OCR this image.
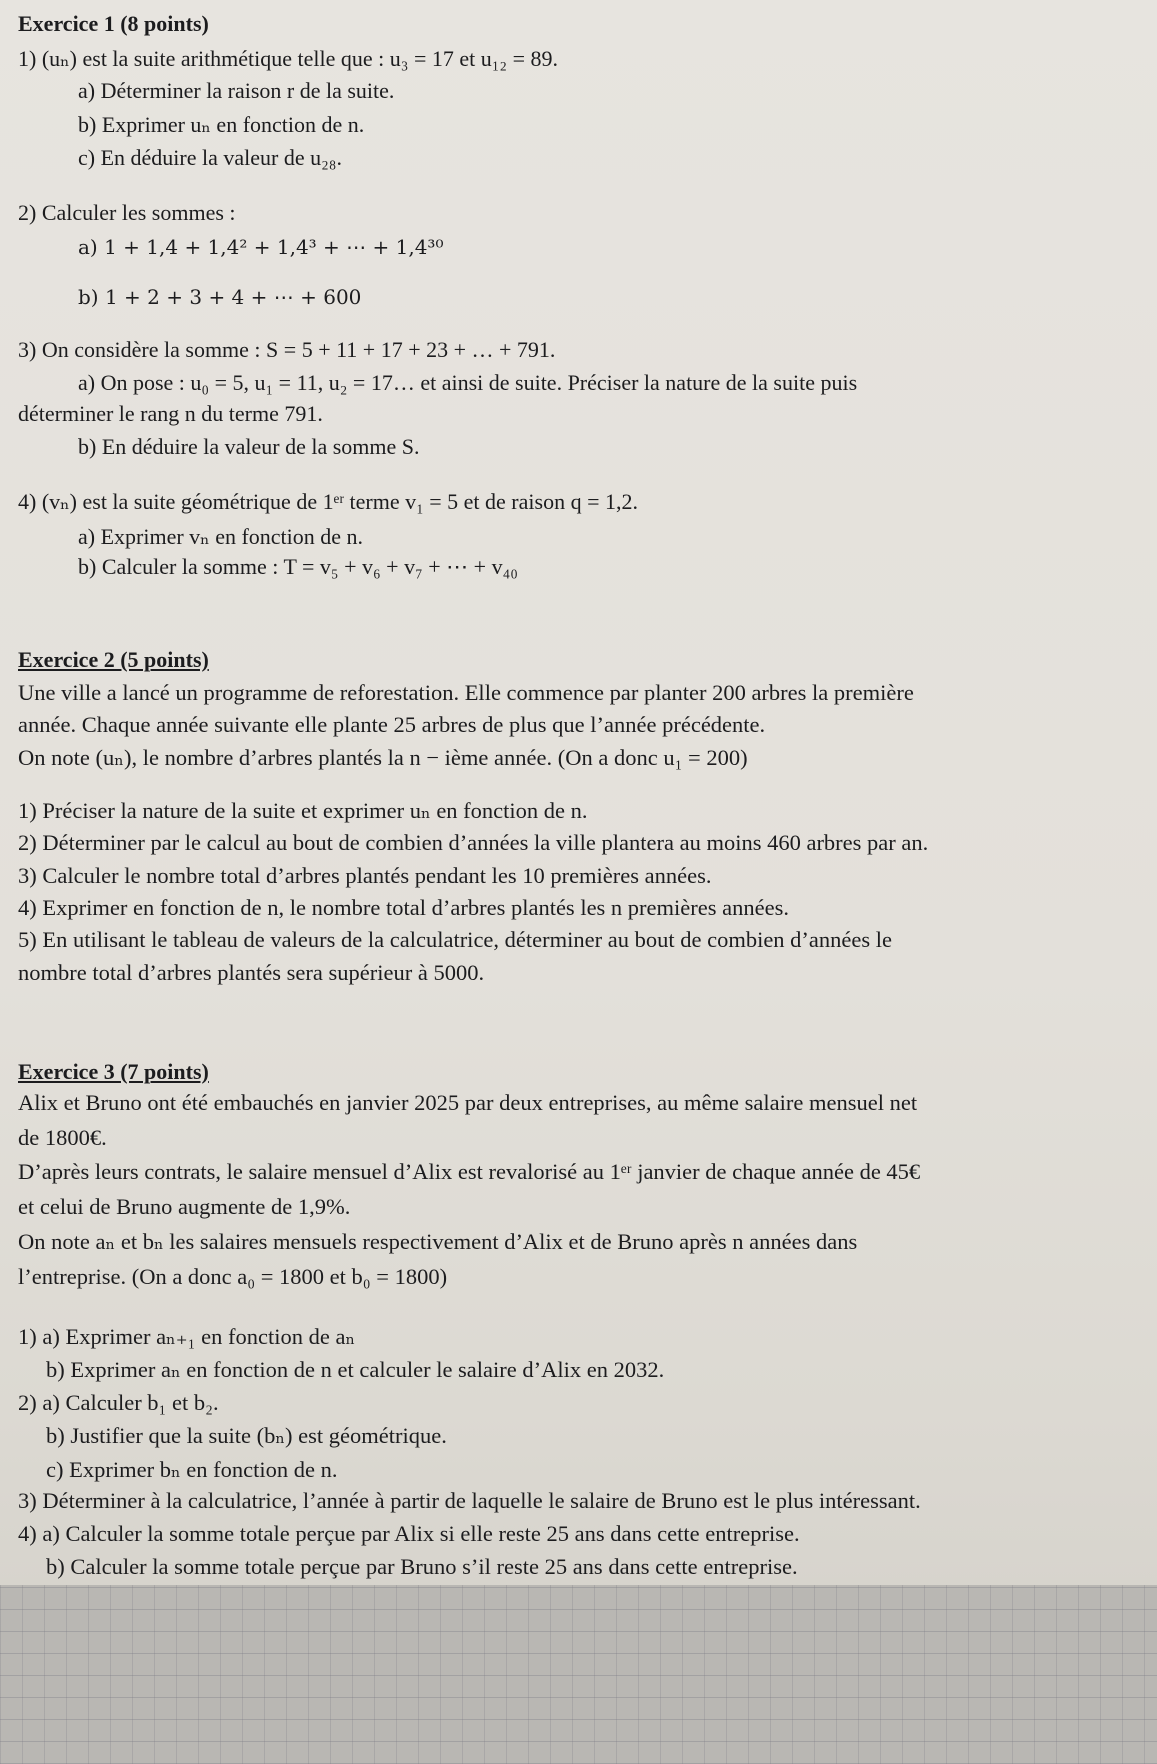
Exercice 1 (8 points)

1) (uₙ) est la suite arithmétique telle que : u₃ = 17 et u₁₂ = 89.

a) Déterminer la raison r de la suite.

b) Exprimer uₙ en fonction de n.

c) En déduire la valeur de u₂₈.

2) Calculer les sommes :

a) 1 + 1,4 + 1,4² + 1,4³ + ⋯ + 1,4³⁰

b) 1 + 2 + 3 + 4 + ⋯ + 600

3) On considère la somme : S = 5 + 11 + 17 + 23 + … + 791.

a) On pose : u₀ = 5, u₁ = 11, u₂ = 17… et ainsi de suite. Préciser la nature de la suite puis

déterminer le rang n du terme 791.

b) En déduire la valeur de la somme S.

4) (vₙ) est la suite géométrique de 1ᵉʳ terme v₁ = 5 et de raison q = 1,2.

a) Exprimer vₙ en fonction de n.

b) Calculer la somme : T = v₅ + v₆ + v₇ + ⋯ + v₄₀

Exercice 2 (5 points)

Une ville a lancé un programme de reforestation. Elle commence par planter 200 arbres la première

année. Chaque année suivante elle plante 25 arbres de plus que l’année précédente.

On note (uₙ), le nombre d’arbres plantés la n − ième année. (On a donc u₁ = 200)

1) Préciser la nature de la suite et exprimer uₙ en fonction de n.

2) Déterminer par le calcul au bout de combien d’années la ville plantera au moins 460 arbres par an.

3) Calculer le nombre total d’arbres plantés pendant les 10 premières années.

4) Exprimer en fonction de n, le nombre total d’arbres plantés les n premières années.

5) En utilisant le tableau de valeurs de la calculatrice, déterminer au bout de combien d’années le

nombre total d’arbres plantés sera supérieur à 5000.

Exercice 3 (7 points)

Alix et Bruno ont été embauchés en janvier 2025 par deux entreprises, au même salaire mensuel net

de 1800€.

D’après leurs contrats, le salaire mensuel d’Alix est revalorisé au 1ᵉʳ janvier de chaque année de 45€

et celui de Bruno augmente de 1,9%.

On note aₙ et bₙ les salaires mensuels respectivement d’Alix et de Bruno après n années dans

l’entreprise. (On a donc a₀ = 1800 et b₀ = 1800)

1) a) Exprimer aₙ₊₁ en fonction de aₙ

b) Exprimer aₙ en fonction de n et calculer le salaire d’Alix en 2032.

2) a) Calculer b₁ et b₂.

b) Justifier que la suite (bₙ) est géométrique.

c) Exprimer bₙ en fonction de n.

3) Déterminer à la calculatrice, l’année à partir de laquelle le salaire de Bruno est le plus intéressant.

4) a) Calculer la somme totale perçue par Alix si elle reste 25 ans dans cette entreprise.

b) Calculer la somme totale perçue par Bruno s’il reste 25 ans dans cette entreprise.
